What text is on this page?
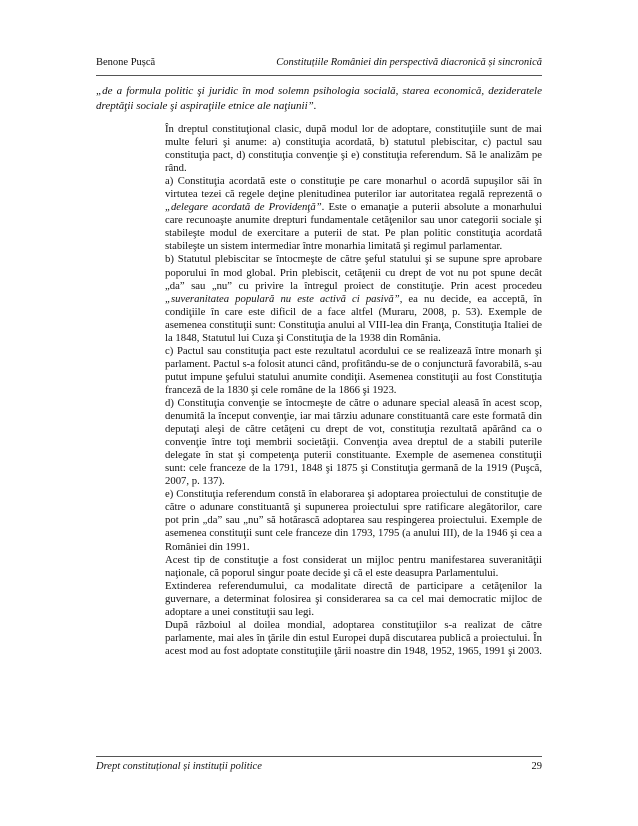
Benone Pușcă	Constituțiile României din perspectivă diacronică și sincronică

„de a formula politic şi juridic în mod solemn psihologia socială, starea economică, dezideratele dreptăţii sociale şi aspiraţiile etnice ale naţiunii”.

În dreptul constituţional clasic, după modul lor de adoptare, constituţiile sunt de mai multe feluri şi anume: a) constituţia acordată, b) statutul plebiscitar, c) pactul sau constituţia pact, d) constituţia convenţie şi e) constituţia referendum. Să le analizăm pe rând.

a) Constituţia acordată este o constituţie pe care monarhul o acordă supuşilor săi în virtutea tezei că regele deţine plenitudinea puterilor iar autoritatea regală reprezentă o „delegare acordată de Providenţă”. Este o emanaţie a puterii absolute a monarhului care recunoaşte anumite drepturi fundamentale cetăţenilor sau unor categorii sociale şi stabileşte modul de exercitare a puterii de stat. Pe plan politic constituţia acordată stabileşte un sistem intermediar între monarhia limitată şi regimul parlamentar.

b) Statutul plebiscitar se întocmeşte de către şeful statului şi se supune spre aprobare poporului în mod global. Prin plebiscit, cetăţenii cu drept de vot nu pot spune decât „da” sau „nu” cu privire la întregul proiect de constituţie. Prin acest procedeu „suveranitatea populară nu este activă ci pasivă”, ea nu decide, ea acceptă, în condiţiile în care este dificil de a face altfel (Muraru, 2008, p. 53). Exemple de asemenea constituţii sunt: Constituţia anului al VIII-lea din Franţa, Constituţia Italiei de la 1848, Statutul lui Cuza şi Constituţia de la 1938 din România.

c) Pactul sau constituţia pact este rezultatul acordului ce se realizează între monarh şi parlament. Pactul s-a folosit atunci când, profitându-se de o conjunctură favorabilă, s-au putut impune şefului statului anumite condiţii. Asemenea constituţii au fost Constituţia franceză de la 1830 şi cele române de la 1866 şi 1923.

d) Constituţia convenţie se întocmeşte de către o adunare special aleasă în acest scop, denumită la început convenţie, iar mai târziu adunare constituantă care este formată din deputaţi aleşi de către cetăţeni cu drept de vot, constituţia rezultată apărând ca o convenţie între toţi membrii societăţii. Convenţia avea dreptul de a stabili puterile delegate în stat şi competenţa puterii constituante. Exemple de asemenea constituţii sunt: cele franceze de la 1791, 1848 şi 1875 şi Constituţia germană de la 1919 (Puşcă, 2007, p. 137).

e) Constituţia referendum constă în elaborarea şi adoptarea proiectului de constituţie de către o adunare constituantă şi supunerea proiectului spre ratificare alegătorilor, care pot prin „da” sau „nu” să hotărască adoptarea sau respingerea proiectului. Exemple de asemenea constituţii sunt cele franceze din 1793, 1795 (a anului III), de la 1946 şi cea a României din 1991.

Acest tip de constituţie a fost considerat un mijloc pentru manifestarea suveranităţii naţionale, că poporul singur poate decide şi că el este deasupra Parlamentului.

Extinderea referendumului, ca modalitate directă de participare a cetăţenilor la guvernare, a determinat folosirea şi considerarea sa ca cel mai democratic mijloc de adoptare a unei constituţii sau legi.

După războiul al doilea mondial, adoptarea constituţiilor s-a realizat de către parlamente, mai ales în ţările din estul Europei după discutarea publică a proiectului. În acest mod au fost adoptate constituţiile ţării noastre din 1948, 1952, 1965, 1991 şi 2003.

Drept constituțional și instituții politice	29
